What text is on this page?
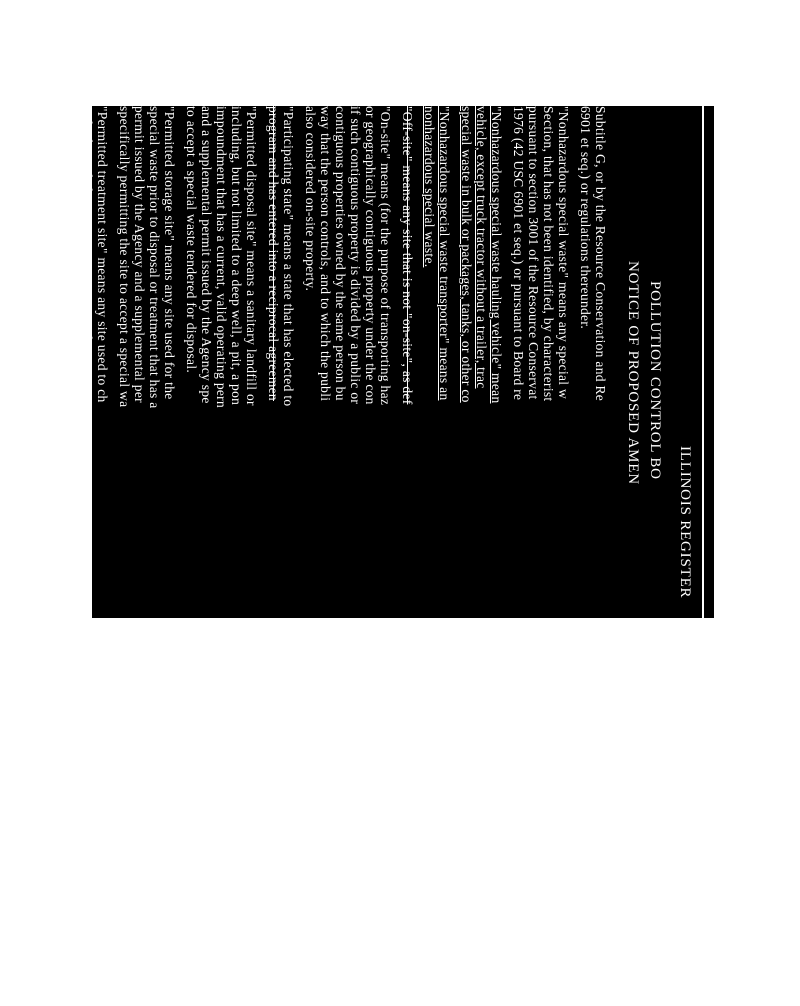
ILLINOIS REGISTER
POLLUTION CONTROL BO
NOTICE OF PROPOSED AMEN
Subtitle G, or by the Resource Conservation and Re
6901 et seq.) or regulations thereunder.
"Nonhazardous special waste" means any special w
Section, that has not been identified, by characterist
pursuant to section 3001 of the Resource Conservat
1976 (42 USC 6901 et seq.) or pursuant to Board re
"Nonhazardous special waste hauling vehicle" mean
vehicle, except truck tractor without a trailer, trac
special waste in bulk or packages, tanks, or other co
"Nonhazardous special waste transporter" means an
nonhazardous special waste.
"Off-site" means any site that is not "on-site", as def
"On-site" means (for the purpose of transporting haz
or geographically contiguous property under the con
if such contiguous property is divided by a public or
contiguous properties owned by the same person bu
way that the person controls, and to which the publi
also considered on-site property.
"Participating state" means a state that has elected to
program and has entered into a reciprocal agreemen
"Permitted disposal site" means a sanitary landfill or
including, but not limited to a deep well, a pit, a pon
impoundment that has a current, valid operating pern
and a supplemental permit issued by the Agency spe
to accept a special waste tendered for disposal.
"Permitted storage site" means any site used for the
special waste prior to disposal or treatment that has a
permit issued by the Agency and a supplemental per
specifically permitting the site to accept a special wa
"Permitted treatment site" means any site used to ch
or biological character or composition of any specia
